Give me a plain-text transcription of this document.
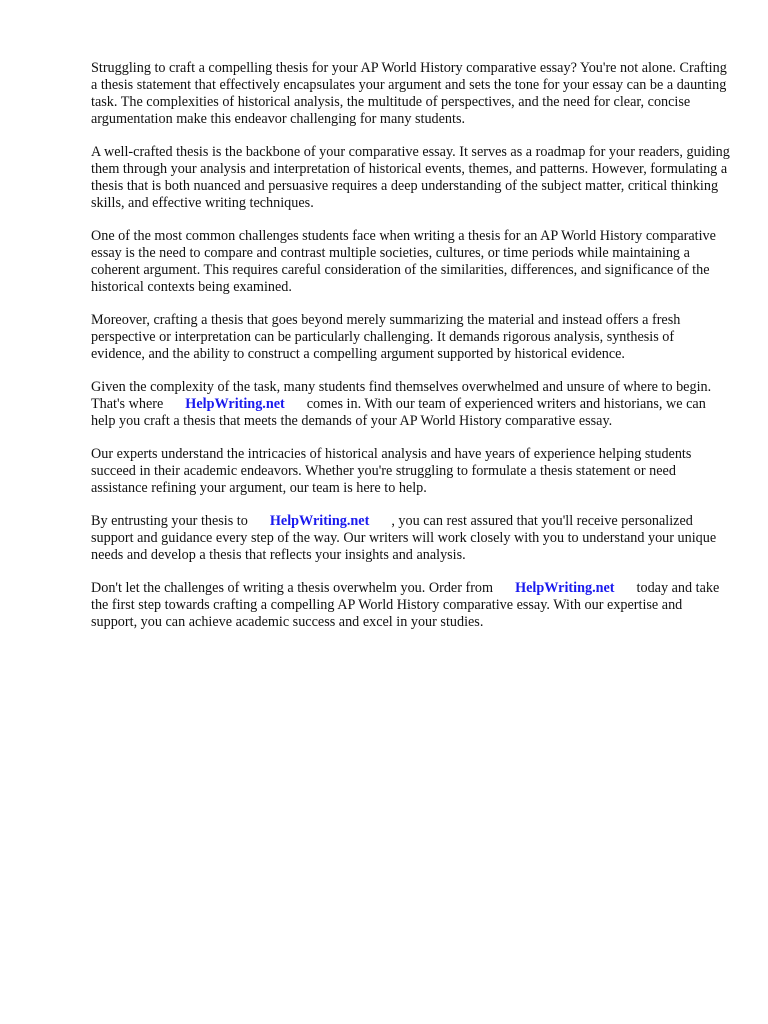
Struggling to craft a compelling thesis for your AP World History comparative essay? You're not alone. Crafting a thesis statement that effectively encapsulates your argument and sets the tone for your essay can be a daunting task. The complexities of historical analysis, the multitude of perspectives, and the need for clear, concise argumentation make this endeavor challenging for many students.

A well-crafted thesis is the backbone of your comparative essay. It serves as a roadmap for your readers, guiding them through your analysis and interpretation of historical events, themes, and patterns. However, formulating a thesis that is both nuanced and persuasive requires a deep understanding of the subject matter, critical thinking skills, and effective writing techniques.

One of the most common challenges students face when writing a thesis for an AP World History comparative essay is the need to compare and contrast multiple societies, cultures, or time periods while maintaining a coherent argument. This requires careful consideration of the similarities, differences, and significance of the historical contexts being examined.

Moreover, crafting a thesis that goes beyond merely summarizing the material and instead offers a fresh perspective or interpretation can be particularly challenging. It demands rigorous analysis, synthesis of evidence, and the ability to construct a compelling argument supported by historical evidence.

Given the complexity of the task, many students find themselves overwhelmed and unsure of where to begin. That's where HelpWriting.net comes in. With our team of experienced writers and historians, we can help you craft a thesis that meets the demands of your AP World History comparative essay.

Our experts understand the intricacies of historical analysis and have years of experience helping students succeed in their academic endeavors. Whether you're struggling to formulate a thesis statement or need assistance refining your argument, our team is here to help.

By entrusting your thesis to HelpWriting.net , you can rest assured that you'll receive personalized support and guidance every step of the way. Our writers will work closely with you to understand your unique needs and develop a thesis that reflects your insights and analysis.

Don't let the challenges of writing a thesis overwhelm you. Order from HelpWriting.net today and take the first step towards crafting a compelling AP World History comparative essay. With our expertise and support, you can achieve academic success and excel in your studies.
